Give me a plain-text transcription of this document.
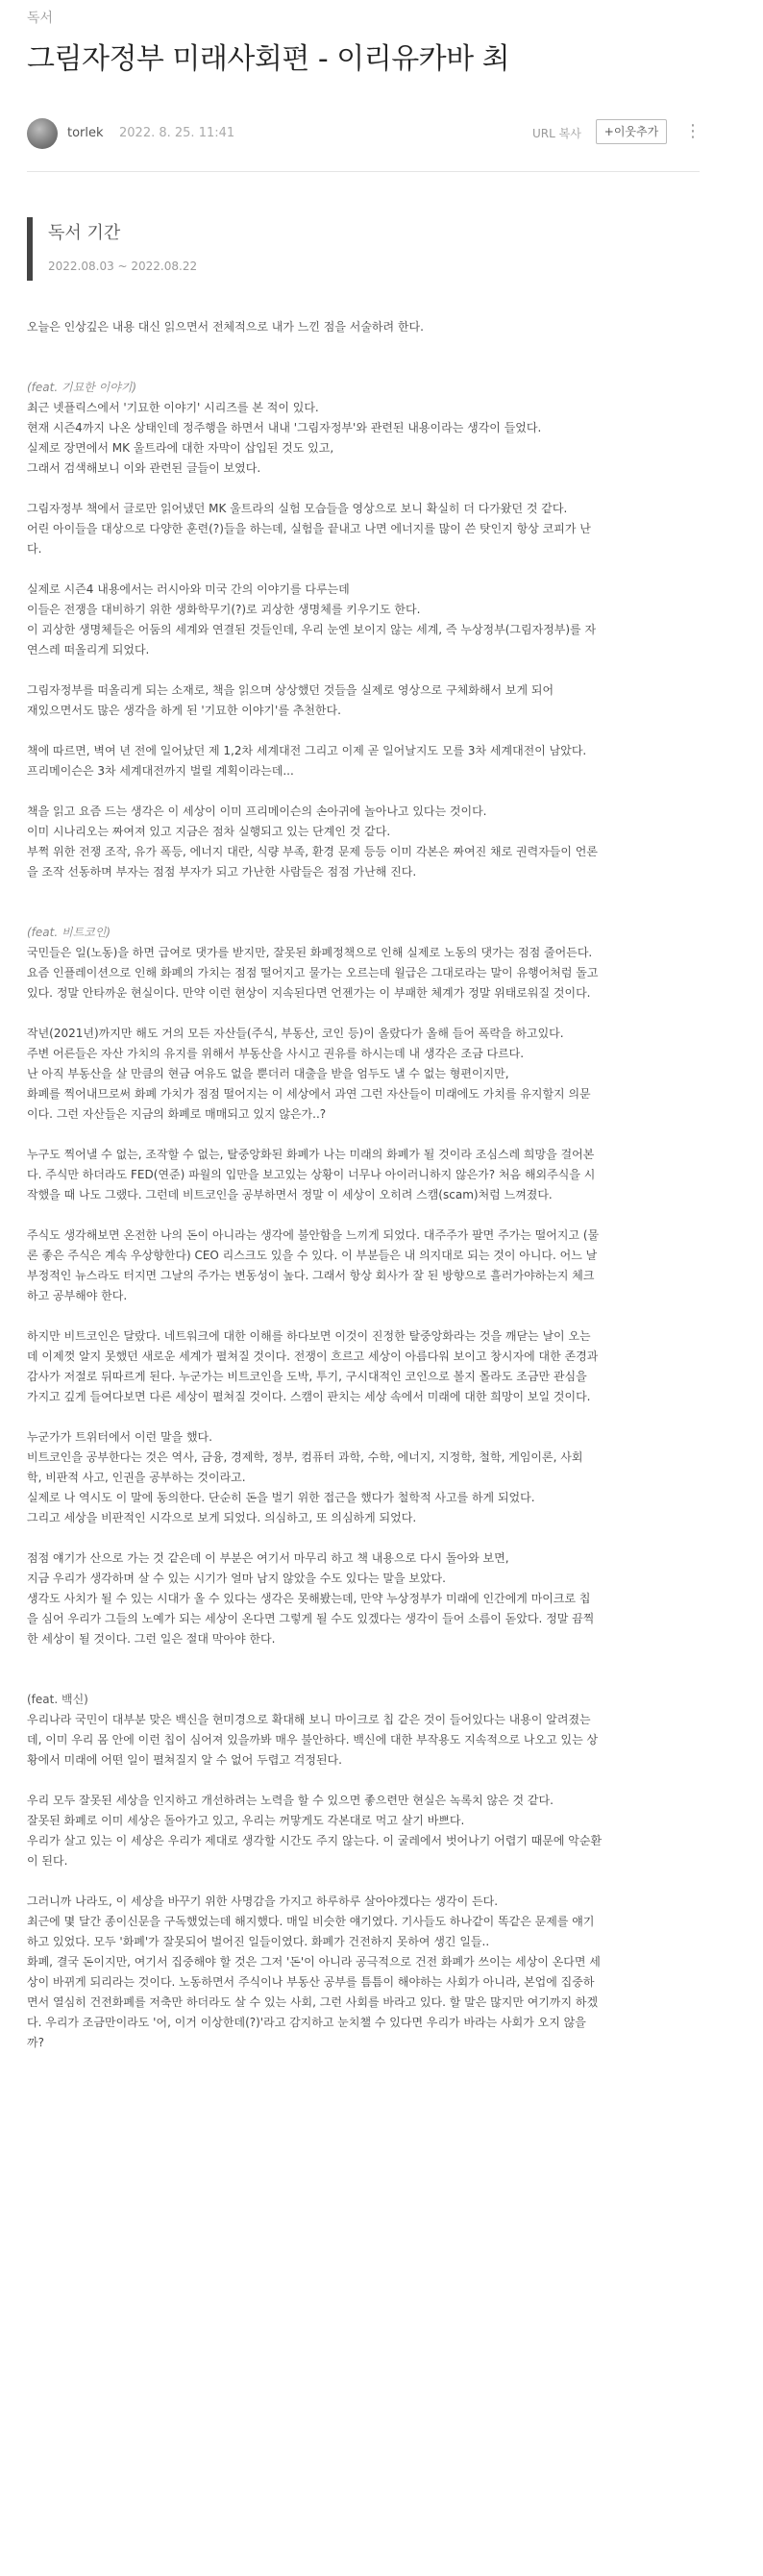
독서
그림자정부 미래사회편 - 이리유카바 최
torlek 2022. 8. 25. 11:41	URL 복사	+이웃추가	⋮
독서 기간
2022.08.03 ~ 2022.08.22
오늘은 인상깊은 내용 대신 읽으면서 전체적으로 내가 느낀 점을 서술하려 한다.
(feat. 기묘한 이야기)
최근 넷플릭스에서 '기묘한 이야기' 시리즈를 본 적이 있다.
현재 시즌4까지 나온 상태인데 정주행을 하면서 내내 '그림자정부'와 관련된 내용이라는 생각이 들었다.
실제로 장면에서 MK 울트라에 대한 자막이 삽입된 것도 있고,
그래서 검색해보니 이와 관련된 글들이 보였다.
그림자정부 책에서 글로만 읽어냈던 MK 울트라의 실험 모습들을 영상으로 보니 확실히 더 다가왔던 것 같다.
어린 아이들을 대상으로 다양한 훈련(?)들을 하는데, 실험을 끝내고 나면 에너지를 많이 쓴 탓인지 항상 코피가 난
다.
실제로 시즌4 내용에서는 러시아와 미국 간의 이야기를 다루는데
이들은 전쟁을 대비하기 위한 생화학무기(?)로 괴상한 생명체를 키우기도 한다.
이 괴상한 생명체들은 어둠의 세계와 연결된 것들인데, 우리 눈엔 보이지 않는 세계, 즉 누상정부(그림자정부)를 자
연스레 떠올리게 되었다.
그림자정부를 떠올리게 되는 소재로, 책을 읽으며 상상했던 것들을 실제로 영상으로 구체화해서 보게 되어
재있으면서도 많은 생각을 하게 된 '기묘한 이야기'를 추천한다.
책에 따르면, 벽여 년 전에 일어났던 제 1,2차 세계대전 그리고 이제 곧 일어날지도 모를 3차 세계대전이 남았다.
프리메이슨은 3차 세계대전까지 벌릴 계획이라는데...
책을 읽고 요즘 드는 생각은 이 세상이 이미 프리메이슨의 손아귀에 놀아나고 있다는 것이다.
이미 시나리오는 짜여져 있고 지금은 점차 실행되고 있는 단계인 것 같다.
부쩍 위한 전쟁 조작, 유가 폭등, 에너지 대란, 식량 부족, 환경 문제 등등 이미 각본은 짜여진 채로 권력자들이 언론
을 조작 선동하며 부자는 점점 부자가 되고 가난한 사람들은 점점 가난해 진다.
(feat. 비트코인)
국민들은 일(노동)을 하면 급여로 댓가를 받지만, 잘못된 화폐정책으로 인해 실제로 노동의 댓가는 점점 줄어든다.
요즘 인플레이션으로 인해 화폐의 가치는 점점 떨어지고 물가는 오르는데 월급은 그대로라는 말이 유행어처럼 돌고
있다. 정말 안타까운 현실이다. 만약 이런 현상이 지속된다면 언젠가는 이 부패한 체계가 정말 위태로워질 것이다.
작년(2021년)까지만 해도 거의 모든 자산들(주식, 부동산, 코인 등)이 올랐다가 올해 들어 폭락을 하고있다.
주변 어른들은 자산 가치의 유지를 위해서 부동산을 사시고 권유를 하시는데 내 생각은 조금 다르다.
난 아직 부동산을 살 만큼의 현금 여유도 없을 뿐더러 대출을 받을 엄두도 낼 수 없는 형편이지만,
화폐를 찍어내므로써 화폐 가치가 점점 떨어지는 이 세상에서 과연 그런 자산들이 미래에도 가치를 유지할지 의문
이다. 그런 자산들은 지금의 화폐로 매매되고 있지 않은가..?
누구도 찍어낼 수 없는, 조작할 수 없는, 탈중앙화된 화폐가 나는 미래의 화폐가 될 것이라 조심스레 희망을 걸어본
다. 주식만 하더라도 FED(연준) 파월의 입만을 보고있는 상황이 너무나 아이러니하지 않은가? 처음 해외주식을 시
작했을 때 나도 그랬다. 그런데 비트코인을 공부하면서 정말 이 세상이 오히려 스캠(scam)처럼 느껴졌다.
주식도 생각해보면 온전한 나의 돈이 아니라는 생각에 불안함을 느끼게 되었다. 대주주가 팔면 주가는 떨어지고 (물
론 좋은 주식은 계속 우상향한다) CEO 리스크도 있을 수 있다. 이 부분들은 내 의지대로 되는 것이 아니다. 어느 날
부정적인 뉴스라도 터지면 그날의 주가는 변동성이 높다. 그래서 항상 회사가 잘 된 방향으로 흘러가야하는지 체크
하고 공부해야 한다.
하지만 비트코인은 달랐다. 네트워크에 대한 이해를 하다보면 이것이 진정한 탈중앙화라는 것을 깨닫는 날이 오는
데 이제껏 알지 못했던 새로운 세계가 펼쳐질 것이다. 전쟁이 흐르고 세상이 아름다워 보이고 창시자에 대한 존경과
감사가 저절로 뒤따르게 된다. 누군가는 비트코인을 도박, 투기, 구시대적인 코인으로 볼지 몰라도 조금만 관심을
가지고 깊게 들여다보면 다른 세상이 펼쳐질 것이다. 스캠이 판치는 세상 속에서 미래에 대한 희망이 보일 것이다.
누군가가 트위터에서 이런 말을 했다.
비트코인을 공부한다는 것은 역사, 금융, 경제학, 정부, 컴퓨터 과학, 수학, 에너지, 지정학, 철학, 게임이론, 사회
학, 비판적 사고, 인권을 공부하는 것이라고.
실제로 나 역시도 이 말에 동의한다. 단순히 돈을 벌기 위한 접근을 했다가 철학적 사고를 하게 되었다.
그리고 세상을 비판적인 시각으로 보게 되었다. 의심하고, 또 의심하게 되었다.
점점 얘기가 산으로 가는 것 같은데 이 부분은 여기서 마무리 하고 책 내용으로 다시 돌아와 보면,
지금 우리가 생각하며 살 수 있는 시기가 얼마 남지 않았을 수도 있다는 말을 보았다.
생각도 사치가 될 수 있는 시대가 올 수 있다는 생각은 못해봤는데, 만약 누상정부가 미래에 인간에게 마이크로 칩
을 심어 우리가 그들의 노예가 되는 세상이 온다면 그렇게 될 수도 있겠다는 생각이 들어 소름이 돋았다. 정말 끔찍
한 세상이 될 것이다. 그런 일은 절대 막아야 한다.
(feat. 백신)
우리나라 국민이 대부분 맞은 백신을 현미경으로 확대해 보니 마이크로 칩 같은 것이 들어있다는 내용이 알려졌는
데, 이미 우리 몸 안에 이런 칩이 심어져 있을까봐 매우 불안하다. 백신에 대한 부작용도 지속적으로 나오고 있는 상
황에서 미래에 어떤 일이 펼쳐질지 알 수 없어 두렵고 걱정된다.
우리 모두 잘못된 세상을 인지하고 개선하려는 노력을 할 수 있으면 좋으련만 현실은 녹록치 않은 것 같다.
잘못된 화폐로 이미 세상은 돌아가고 있고, 우리는 꺼맣게도 각본대로 먹고 살기 바쁘다.
우리가 살고 있는 이 세상은 우리가 제대로 생각할 시간도 주지 않는다. 이 굴레에서 벗어나기 어렵기 때문에 악순환
이 된다.
그러니까 나라도, 이 세상을 바꾸기 위한 사명감을 가지고 하루하루 살아야겠다는 생각이 든다.
최근에 몇 달간 종이신문을 구독했었는데 해지했다. 매일 비슷한 얘기였다. 기사들도 하나같이 똑같은 문제를 얘기
하고 있었다. 모두 '화폐'가 잘못되어 벌어진 일들이였다. 화폐가 건전하지 못하여 생긴 일들..
화폐, 결국 돈이지만, 여기서 집중해야 할 것은 그저 '돈'이 아니라 공극적으로 건전 화폐가 쓰이는 세상이 온다면 세
상이 바뀌게 되리라는 것이다. 노동하면서 주식이나 부동산 공부를 틈틈이 해야하는 사회가 아니라, 본업에 집중하
면서 열심히 건전화폐를 저축만 하더라도 살 수 있는 사회, 그런 사회를 바라고 있다. 할 말은 많지만 여기까지 하겠
다. 우리가 조금만이라도 '어, 이거 이상한데(?)'라고 감지하고 눈치챌 수 있다면 우리가 바라는 사회가 오지 않을
까?
